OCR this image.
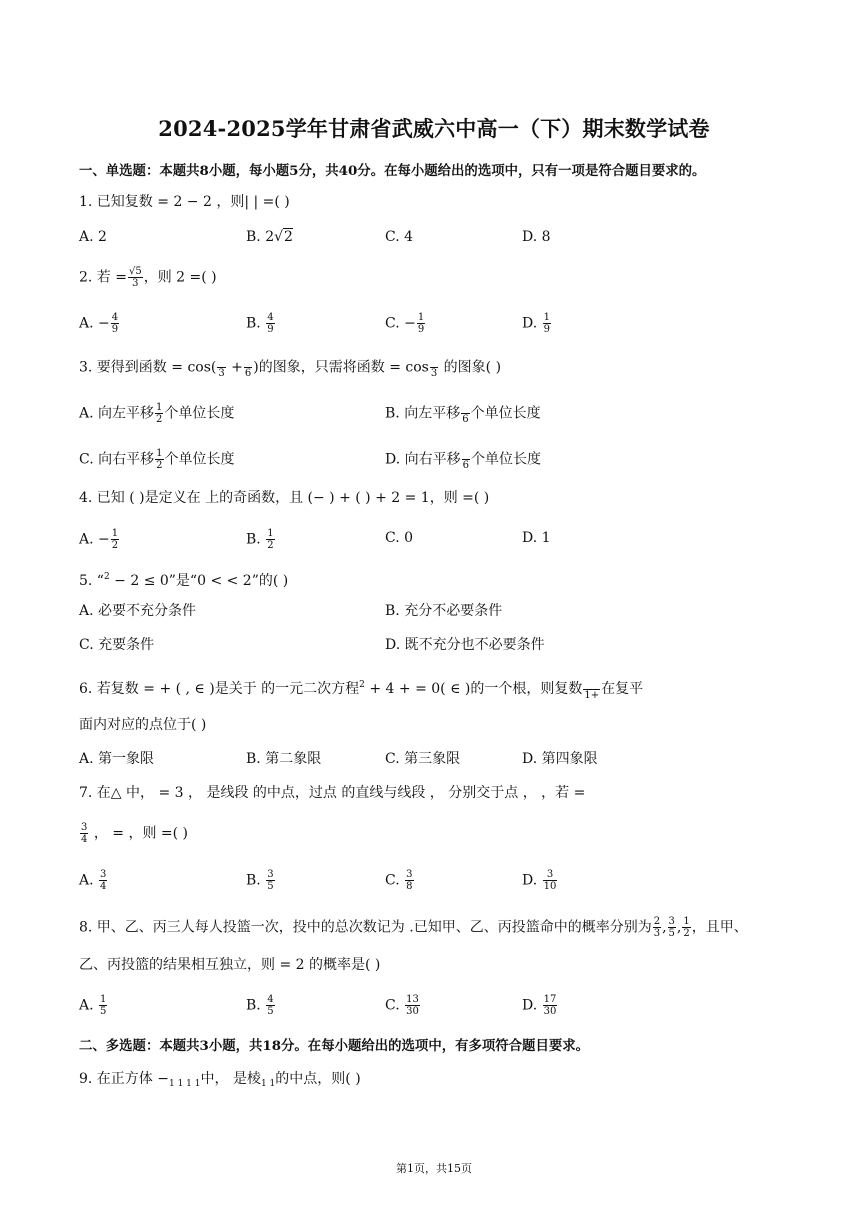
2024-2025学年甘肃省武威六中高一（下）期末数学试卷
一、单选题：本题共8小题，每小题5分，共40分。在每小题给出的选项中，只有一项是符合题目要求的。
1. 已知复数 = 2 − 2 ，则| | =( )
A. 2	B. 2√2	C. 4	D. 8
2. 若 = $\frac{√5}{3}$ ，则 2 =( )
A. − $\frac{4}{9}$	B. $\frac{4}{9}$	C. − $\frac{1}{9}$	D. $\frac{1}{9}$
3. 要得到函数 = cos(
3 +
6 )的图象，只需将函数 = cos
3 的图象( )
A. 向左平移 $\frac{1}{2}$ 个单位长度	B. 向左平移
6 个单位长度
C. 向右平移 $\frac{1}{2}$ 个单位长度	D. 向右平移
6 个单位长度
4. 已知 ( )是定义在 上的奇函数，且 (− ) + ( ) + 2 = 1，则 =( )
A. − $\frac{1}{2}$	B. $\frac{1}{2}$	C. 0	D. 1
5. “$^2$ − 2 ≤ 0”是“0 < < 2”的( )
A. 必要不充分条件	B. 充分不必要条件
C. 充要条件	D. 既不充分也不必要条件
6. 若复数 = + ( , ∈ )是关于 的一元二次方程$^2$ + 4 + = 0( ∈ )的一个根，则复数
1+ 在复平
面内对应的点位于( )
A. 第一象限	B. 第二象限	C. 第三象限	D. 第四象限
7. 在△ 中， = 3 ， 是线段 的中点，过点 的直线与线段 ， 分别交于点 ， ，若 =
$\frac{3}{4}$ ， = ，则 =( )
A. $\frac{3}{4}$	B. $\frac{3}{5}$	C. $\frac{3}{8}$	D. $\frac{3}{10}$
8. 甲、乙、丙三人每人投篮一次，投中的总次数记为 .已知甲、乙、丙投篮命中的概率分别为 $\frac{2}{3}$ , $\frac{3}{5}$ , $\frac{1}{2}$ ，且甲、
乙、丙投篮的结果相互独立，则 = 2 的概率是( )
A. $\frac{1}{5}$	B. $\frac{4}{5}$	C. $\frac{13}{30}$	D. $\frac{17}{30}$
二、多选题：本题共3小题，共18分。在每小题给出的选项中，有多项符合题目要求。
9. 在正方体 $-_{1 1 1 1}$中， 是棱$_{1 1}$的中点，则( )
第1页，共15页
